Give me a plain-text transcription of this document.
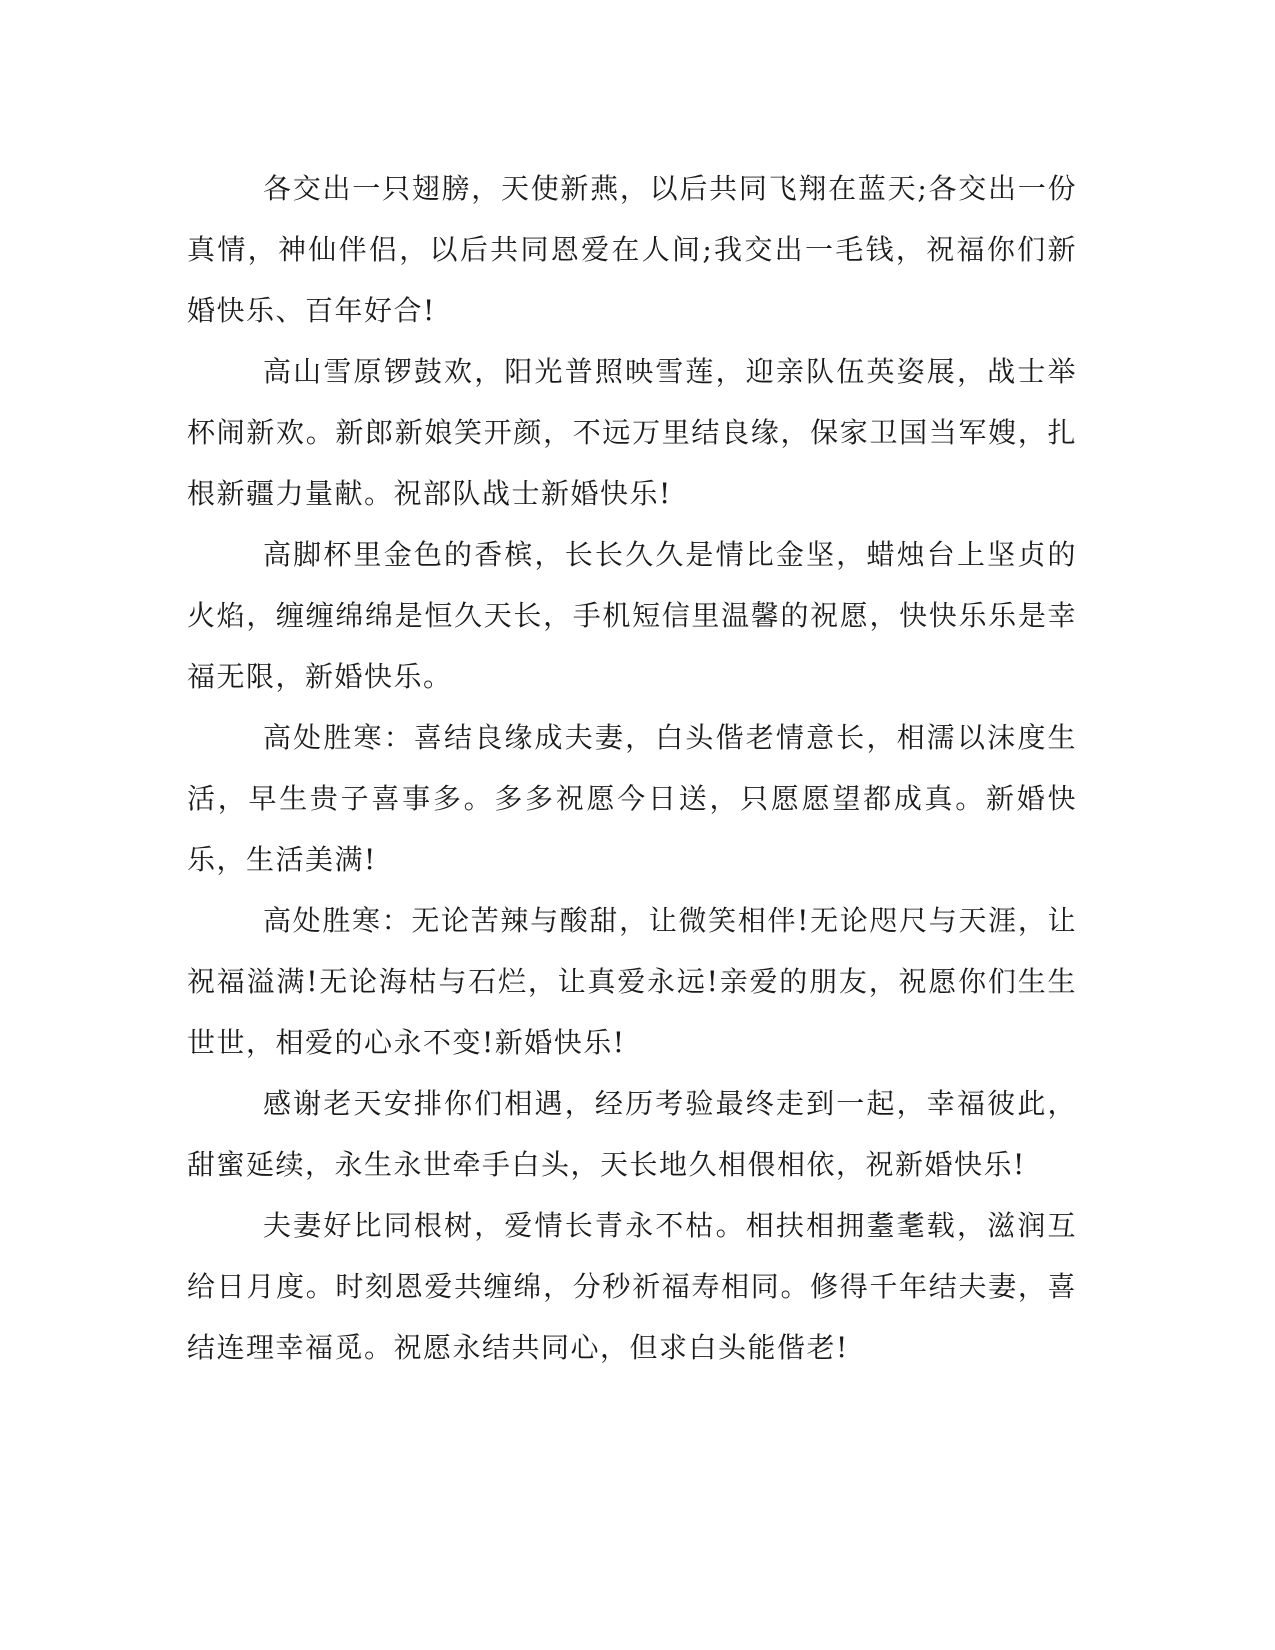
各交出一只翅膀，天使新燕，以后共同飞翔在蓝天;各交出一份真情，神仙伴侣，以后共同恩爱在人间;我交出一毛钱，祝福你们新婚快乐、百年好合!

高山雪原锣鼓欢，阳光普照映雪莲，迎亲队伍英姿展，战士举杯闹新欢。新郎新娘笑开颜，不远万里结良缘，保家卫国当军嫂，扎根新疆力量献。祝部队战士新婚快乐!

高脚杯里金色的香槟，长长久久是情比金坚，蜡烛台上坚贞的火焰，缠缠绵绵是恒久天长，手机短信里温馨的祝愿，快快乐乐是幸福无限，新婚快乐。

高处胜寒：喜结良缘成夫妻，白头偕老情意长，相濡以沫度生活，早生贵子喜事多。多多祝愿今日送，只愿愿望都成真。新婚快乐，生活美满!

高处胜寒：无论苦辣与酸甜，让微笑相伴!无论咫尺与天涯，让祝福溢满!无论海枯与石烂，让真爱永远!亲爱的朋友，祝愿你们生生世世，相爱的心永不变!新婚快乐!

感谢老天安排你们相遇，经历考验最终走到一起，幸福彼此，甜蜜延续，永生永世牵手白头，天长地久相偎相依，祝新婚快乐!

夫妻好比同根树，爱情长青永不枯。相扶相拥耋耄载，滋润互给日月度。时刻恩爱共缠绵，分秒祈福寿相同。修得千年结夫妻，喜结连理幸福觅。祝愿永结共同心，但求白头能偕老!
